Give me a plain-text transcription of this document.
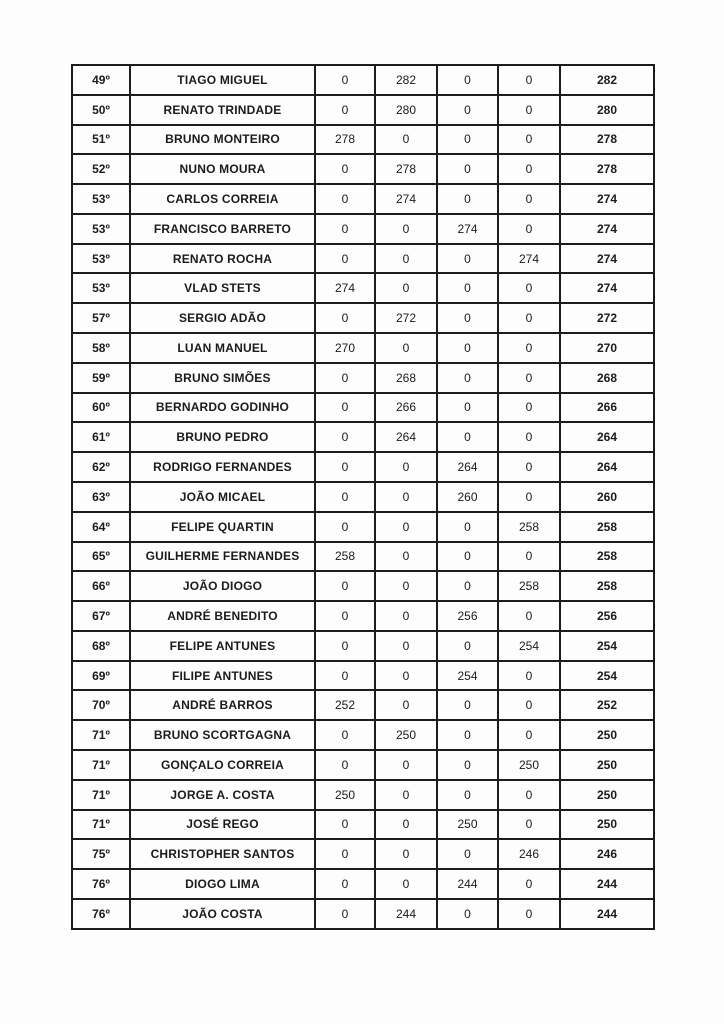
49º	TIAGO MIGUEL	0	282	0	0	282
50º	RENATO TRINDADE	0	280	0	0	280
51º	BRUNO MONTEIRO	278	0	0	0	278
52º	NUNO MOURA	0	278	0	0	278
53º	CARLOS CORREIA	0	274	0	0	274
53º	FRANCISCO BARRETO	0	0	274	0	274
53º	RENATO ROCHA	0	0	0	274	274
53º	VLAD STETS	274	0	0	0	274
57º	SERGIO ADÃO	0	272	0	0	272
58º	LUAN MANUEL	270	0	0	0	270
59º	BRUNO SIMÕES	0	268	0	0	268
60º	BERNARDO GODINHO	0	266	0	0	266
61º	BRUNO PEDRO	0	264	0	0	264
62º	RODRIGO FERNANDES	0	0	264	0	264
63º	JOÃO MICAEL	0	0	260	0	260
64º	FELIPE QUARTIN	0	0	0	258	258
65º	GUILHERME FERNANDES	258	0	0	0	258
66º	JOÃO DIOGO	0	0	0	258	258
67º	ANDRÉ BENEDITO	0	0	256	0	256
68º	FELIPE ANTUNES	0	0	0	254	254
69º	FILIPE ANTUNES	0	0	254	0	254
70º	ANDRÉ BARROS	252	0	0	0	252
71º	BRUNO SCORTGAGNA	0	250	0	0	250
71º	GONÇALO CORREIA	0	0	0	250	250
71º	JORGE A. COSTA	250	0	0	0	250
71º	JOSÉ REGO	0	0	250	0	250
75º	CHRISTOPHER SANTOS	0	0	0	246	246
76º	DIOGO LIMA	0	0	244	0	244
76º	JOÃO COSTA	0	244	0	0	244
